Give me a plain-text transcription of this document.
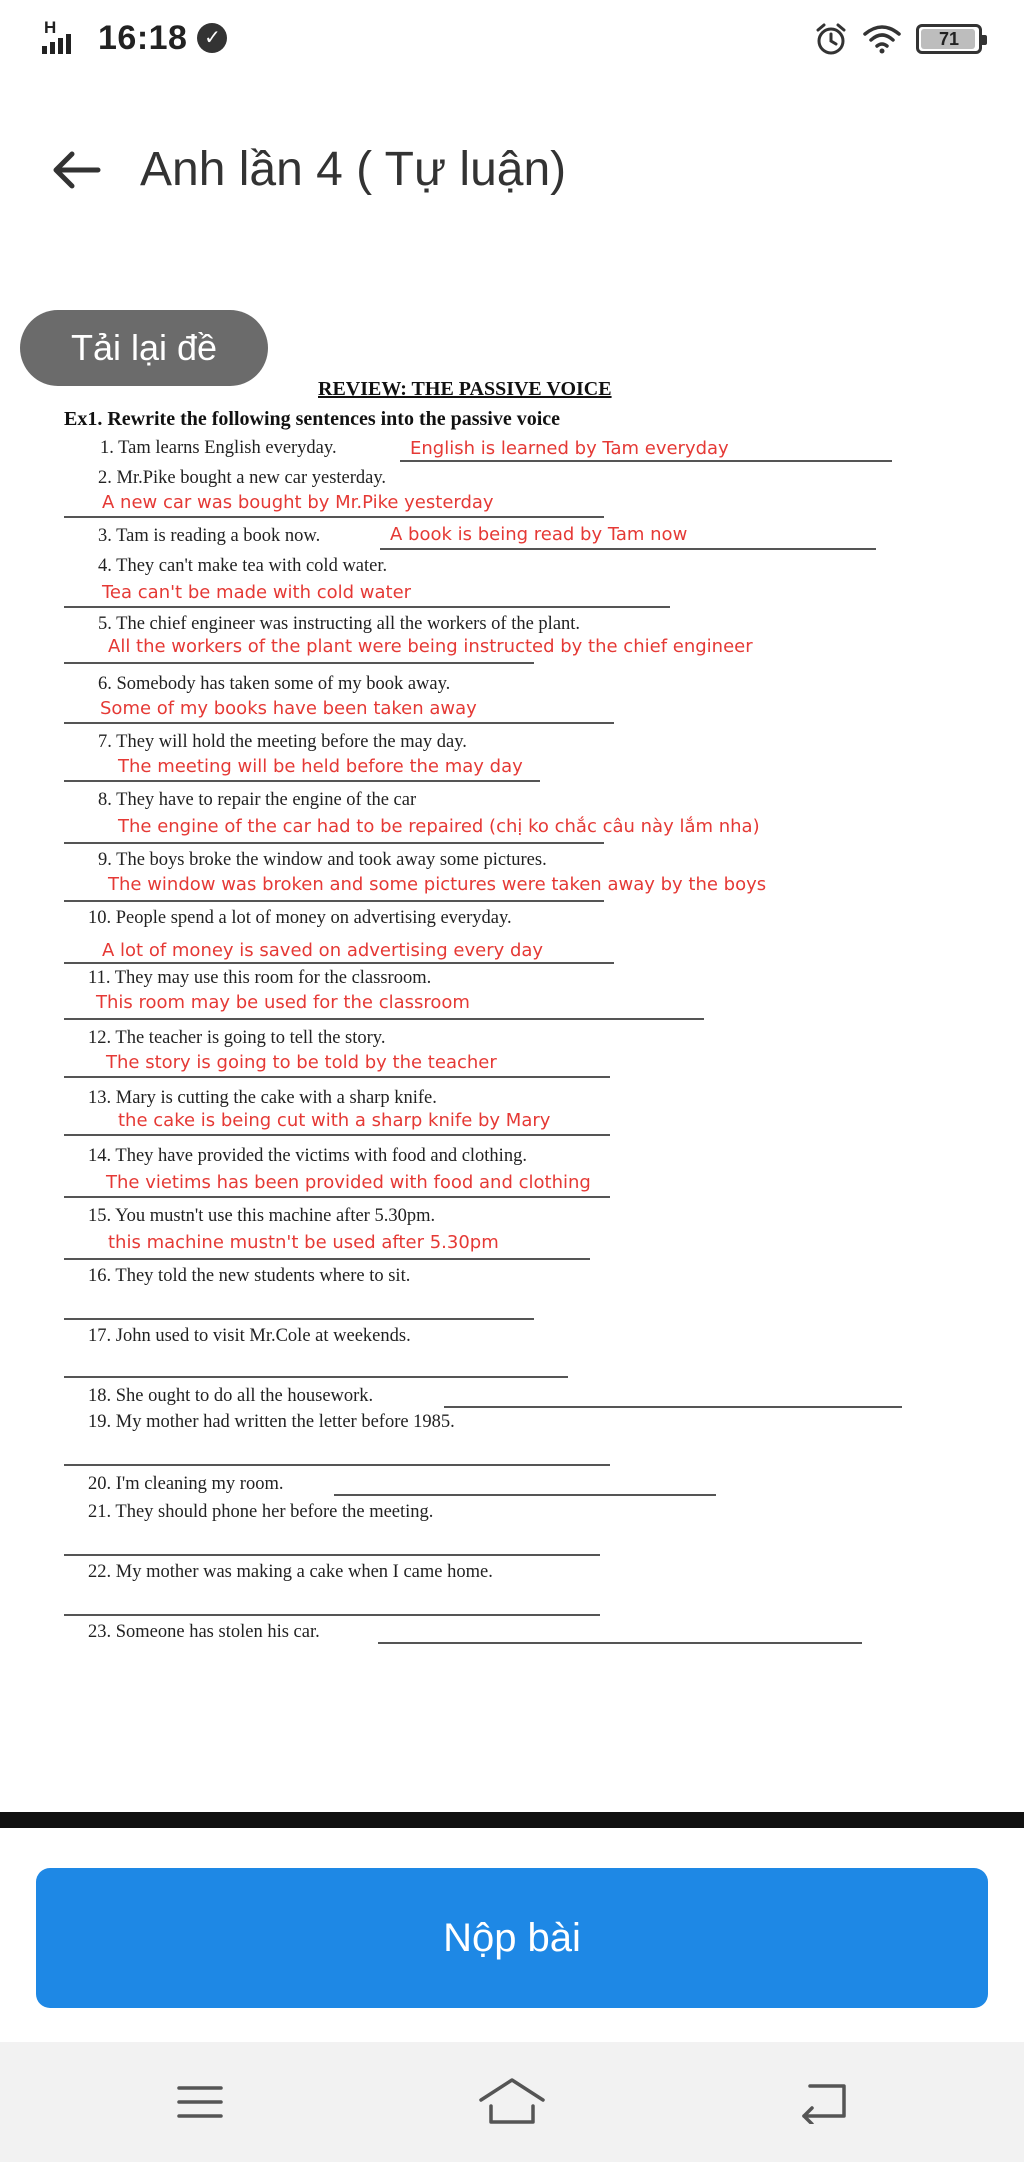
H 16:18 ✓	71
Anh lần 4 ( Tự luận)
REVIEW: THE PASSIVE VOICE
Ex1. Rewrite the following sentences into the passive voice
1. Tam learns English everyday.	English is learned by Tam everyday
2. Mr.Pike bought a new car yesterday.
A new car was bought by Mr.Pike yesterday
3. Tam is reading a book now.	A book is being read by Tam now
4. They can't make tea with cold water.
Tea can't be made with cold water
5. The chief engineer was instructing all the workers of the plant.
All the workers of the plant were being instructed by the chief engineer
6. Somebody has taken some of my book away.
Some of my books have been taken away
7. They will hold the meeting before the may day.
The meeting will be held before the may day
8. They have to repair the engine of the car
The engine of the car had to be repaired (chị ko chắc câu này lắm nha)
9. The boys broke the window and took away some pictures.
The window was broken and some pictures were taken away by the boys
10. People spend a lot of money on advertising everyday.
A lot of money is saved on advertising every day
11. They may use this room for the classroom.
This room may be used for the classroom
12. The teacher is going to tell the story.
The story is going to be told by the teacher
13. Mary is cutting the cake with a sharp knife.
the cake is being cut with a sharp knife by Mary
14. They have provided the victims with food and clothing.
The vietims has been provided with food and clothing
15. You mustn't use this machine after 5.30pm.
this machine mustn't be used after 5.30pm
16. They told the new students where to sit.
17. John used to visit Mr.Cole at weekends.
18. She ought to do all the housework.
19. My mother had written the letter before 1985.
20. I'm cleaning my room.
21. They should phone her before the meeting.
22. My mother was making a cake when I came home.
23. Someone has stolen his car.
Tải lại đề
Nộp bài
